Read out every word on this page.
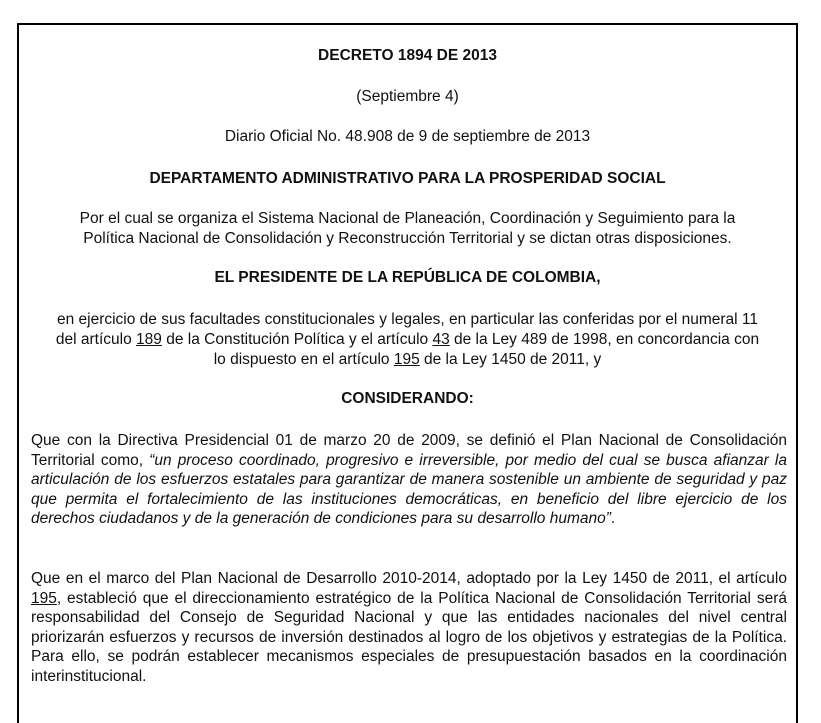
DECRETO 1894 DE 2013
(Septiembre 4)
Diario Oficial No. 48.908 de 9 de septiembre de 2013
DEPARTAMENTO ADMINISTRATIVO PARA LA PROSPERIDAD SOCIAL
Por el cual se organiza el Sistema Nacional de Planeación, Coordinación y Seguimiento para la
Política Nacional de Consolidación y Reconstrucción Territorial y se dictan otras disposiciones.
EL PRESIDENTE DE LA REPÚBLICA DE COLOMBIA,
en ejercicio de sus facultades constitucionales y legales, en particular las conferidas por el numeral 11
del artículo 189 de la Constitución Política y el artículo 43 de la Ley 489 de 1998, en concordancia con
lo dispuesto en el artículo 195 de la Ley 1450 de 2011, y
CONSIDERANDO:
Que con la Directiva Presidencial 01 de marzo 20 de 2009, se definió el Plan Nacional de Consolidación Territorial como, “un proceso coordinado, progresivo e irreversible, por medio del cual se busca afianzar la articulación de los esfuerzos estatales para garantizar de manera sostenible un ambiente de seguridad y paz que permita el fortalecimiento de las instituciones democráticas, en beneficio del libre ejercicio de los derechos ciudadanos y de la generación de condiciones para su desarrollo humano”.
Que en el marco del Plan Nacional de Desarrollo 2010-2014, adoptado por la Ley 1450 de 2011, el artículo 195, estableció que el direccionamiento estratégico de la Política Nacional de Consolidación Territorial será responsabilidad del Consejo de Seguridad Nacional y que las entidades nacionales del nivel central priorizarán esfuerzos y recursos de inversión destinados al logro de los objetivos y estrategias de la Política. Para ello, se podrán establecer mecanismos especiales de presupuestación basados en la coordinación interinstitucional.
